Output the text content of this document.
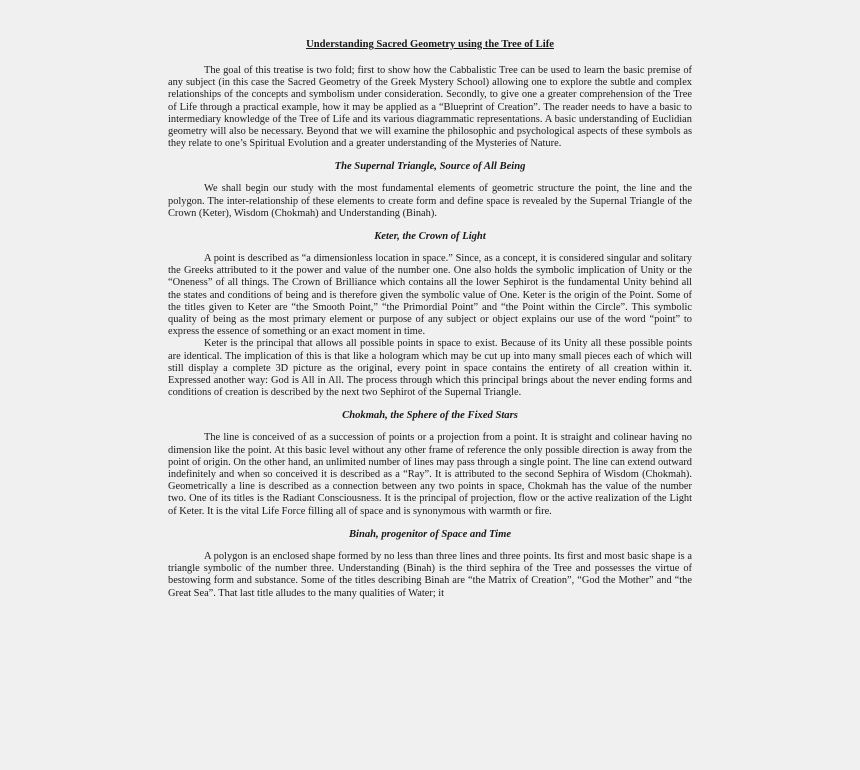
Understanding Sacred Geometry using the Tree of Life

The goal of this treatise is two fold; first to show how the Cabbalistic Tree can be used to learn the basic premise of any subject (in this case the Sacred Geometry of the Greek Mystery School) allowing one to explore the subtle and complex relationships of the concepts and symbolism under consideration. Secondly, to give one a greater comprehension of the Tree of Life through a practical example, how it may be applied as a “Blueprint of Creation”. The reader needs to have a basic to intermediary knowledge of the Tree of Life and its various diagrammatic representations. A basic understanding of Euclidian geometry will also be necessary. Beyond that we will examine the philosophic and psychological aspects of these symbols as they relate to one’s Spiritual Evolution and a greater understanding of the Mysteries of Nature.

The Supernal Triangle, Source of All Being

We shall begin our study with the most fundamental elements of geometric structure the point, the line and the polygon. The inter-relationship of these elements to create form and define space is revealed by the Supernal Triangle of the Crown (Keter), Wisdom (Chokmah) and Understanding (Binah).

Keter, the Crown of Light

A point is described as “a dimensionless location in space.” Since, as a concept, it is considered singular and solitary the Greeks attributed to it the power and value of the number one. One also holds the symbolic implication of Unity or the “Oneness” of all things. The Crown of Brilliance which contains all the lower Sephirot is the fundamental Unity behind all the states and conditions of being and is therefore given the symbolic value of One. Keter is the origin of the Point. Some of the titles given to Keter are “the Smooth Point,” “the Primordial Point” and “the Point within the Circle”. This symbolic quality of being as the most primary element or purpose of any subject or object explains our use of the word “point” to express the essence of something or an exact moment in time.

Keter is the principal that allows all possible points in space to exist. Because of its Unity all these possible points are identical. The implication of this is that like a hologram which may be cut up into many small pieces each of which will still display a complete 3D picture as the original, every point in space contains the entirety of all creation within it. Expressed another way: God is All in All. The process through which this principal brings about the never ending forms and conditions of creation is described by the next two Sephirot of the Supernal Triangle.

Chokmah, the Sphere of the Fixed Stars

The line is conceived of as a succession of points or a projection from a point. It is straight and colinear having no dimension like the point. At this basic level without any other frame of reference the only possible direction is away from the point of origin. On the other hand, an unlimited number of lines may pass through a single point. The line can extend outward indefinitely and when so conceived it is described as a “Ray”. It is attributed to the second Sephira of Wisdom (Chokmah). Geometrically a line is described as a connection between any two points in space, Chokmah has the value of the number two. One of its titles is the Radiant Consciousness. It is the principal of projection, flow or the active realization of the Light of Keter. It is the vital Life Force filling all of space and is synonymous with warmth or fire.

Binah, progenitor of Space and Time

A polygon is an enclosed shape formed by no less than three lines and three points. Its first and most basic shape is a triangle symbolic of the number three. Understanding (Binah) is the third sephira of the Tree and possesses the virtue of bestowing form and substance. Some of the titles describing Binah are “the Matrix of Creation”, “God the Mother” and “the Great Sea”. That last title alludes to the many qualities of Water; it
